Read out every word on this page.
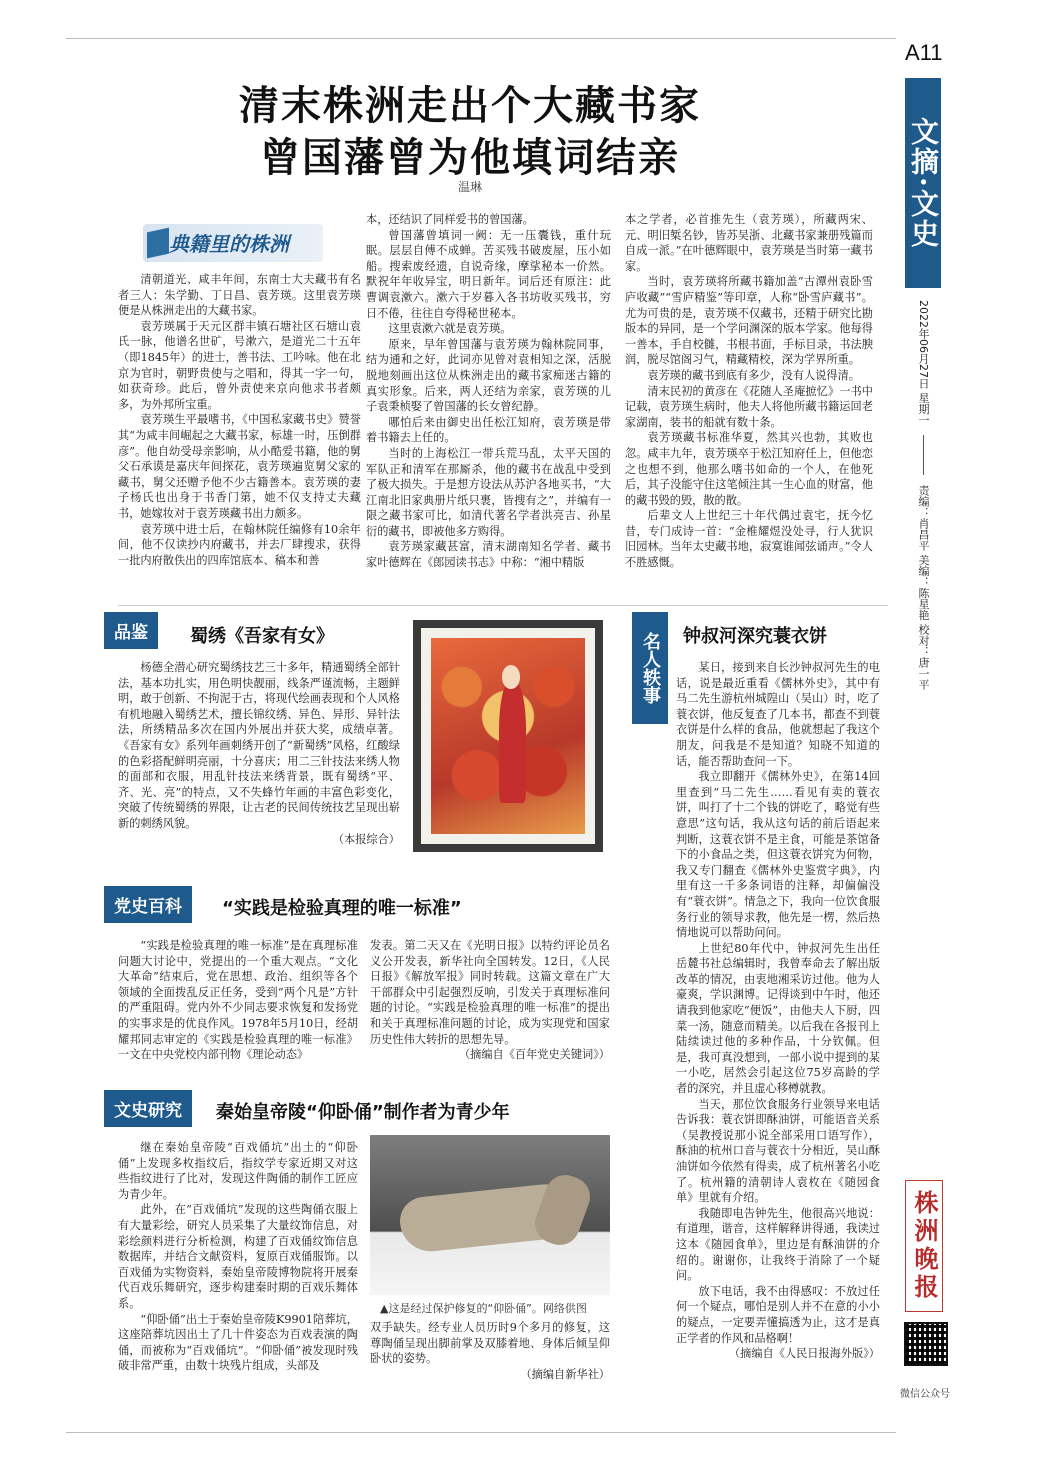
A11
文摘·文史
2022年06月27日 星期一  责编：肖昌平 美编：陈星艳 校对：唐一平
株洲晚报
微信公众号
清末株洲走出个大藏书家
曾国藩曾为他填词结亲
温琳
典籍里的株洲

清朝道光、咸丰年间，东南士大夫藏书有名者三人：朱学勤、丁日昌、袁芳瑛。这里袁芳瑛便是从株洲走出的大藏书家。

袁芳瑛属于天元区群丰镇石塘社区石塘山袁氏一脉，他谱名世矿，号漱六，是道光二十五年（即1845年）的进士，善书法、工吟咏。他在北京为官时，朝野贵使与之唱和，得其一字一句，如获奇珍。此后，曾外责使来京向他求书者颇多，为外邦所宝重。

袁芳瑛生平最嗜书，《中国私家藏书史》赞誉其“为咸丰间崛起之大藏书家，标雄一时，压倒群彦”。他自幼受母亲影响，从小酷爱书籍，他的舅父石承谟是嘉庆年间探花，袁芳瑛遍览舅父家的藏书，舅父还赠予他不少古籍善本。袁芳瑛的妻子杨氏也出身于书香门第，她不仅支持丈夫藏书，她嫁妆对于袁芳瑛藏书出力颇多。

袁芳瑛中进士后，在翰林院任编修有10余年间，他不仅读抄内府藏书，并去厂肆搜求，获得一批内府散佚出的四库馆底本、稿本和善

本，还结识了同样爱书的曾国藩。

曾国藩曾填词一阙：无一压囊钱，重什玩眠。层层自傅不成蝉。苦买残书破废屋，压小如船。搜索废经遗，自说奇缘，摩挲秘本一价然。默祝年年收异宝，明日新年。词后还有原注：此曹调袁漱六。漱六于岁暮入各书坊收买残书，穷日不倦，往往自夸得秘世秘本。

这里袁漱六就是袁芳瑛。

原来，早年曾国藩与袁芳瑛为翰林院同事，结为通和之好，此词亦见曾对袁相知之深，活脱脱地刻画出这位从株洲走出的藏书家痴迷古籍的真实形象。后来，两人还结为亲家，袁芳瑛的儿子袁秉桢娶了曾国藩的长女曾纪静。

哪怕后来由御史出任松江知府，袁芳瑛是带着书籍去上任的。

当时的上海松江一带兵荒马乱，太平天国的军队正和清军在那厮杀，他的藏书在战乱中受到了极大损失。于是想方设法从苏沪各地买书，“大江南北旧家典册片纸只裹，皆搜有之”，并编有一限之藏书家可比，如清代著名学者洪亮吉、孙星衍的藏书，即被他多方购得。

袁芳瑛家藏甚富，清末湖南知名学者、藏书家叶德辉在《郎园读书志》中称：“湘中精版

本之学者，必首推先生（袁芳瑛），所藏两宋、元、明旧椠名钞，皆苏吴浙、北藏书家兼册残篇而自成一派。”在叶德辉眼中，袁芳瑛是当时第一藏书家。

当时，袁芳瑛将所藏书籍加盖“古潭州袁卧雪庐收藏”“雪庐精鉴”等印章，人称“卧雪庐藏书”。尤为可贵的是，袁芳瑛不仅藏书，还精于研究比勘版本的异同，是一个学问渊深的版本学家。他每得一善本，手自校雠，书根书面，手标目录，书法腴润，脱尽馆阁习气，精藏精校，深为学界所重。

袁芳瑛的藏书到底有多少，没有人说得清。

清末民初的黄彦在《花随人圣庵摭忆》一书中记载，袁芳瑛生病时，他夫人将他所藏书籍运回老家湖南，装书的船就有数十条。

袁芳瑛藏书标准华夏，然其兴也勃，其败也忽。咸丰九年，袁芳瑛卒于松江知府任上，但他恋之也想不到，他那么嗜书如命的一个人，在他死后，其子没能守住这笔倾注其一生心血的财富，他的藏书毁的毁，散的散。

后辈文人上世纪三十年代偶过袁宅，抚今忆昔，专门成诗一首：“金椎耀煜没处寻，行人犹识旧园林。当年太史藏书地，寂寞谁闻弦诵声。”令人不胜感慨。

品鉴	蜀绣《吾家有女》

杨德全潜心研究蜀绣技艺三十多年，精通蜀绣全部针法，基本功扎实，用色明快靓丽，线条严谨流畅，主题鲜明，敢于创新、不拘泥于古，将现代绘画表现和个人风格有机地融入蜀绣艺术，擅长锦纹绣、异色、异形、异针法法，所绣精品多次在国内外展出并获大奖，成绩卓著。《吾家有女》系列年画刺绣开创了“新蜀绣”风格，红酸绿的色彩搭配鲜明亮丽，十分喜庆；用二三针技法来绣人物的面部和衣服，用乱针技法来绣背景，既有蜀绣“平、齐、光、亮”的特点，又不失蜂竹年画的丰富色彩变化，突破了传统蜀绣的界限，让古老的民间传统技艺呈现出崭新的刺绣风貌。

（本报综合）

名人轶事	钟叔河深究蓑衣饼

某日，接到来自长沙钟叔河先生的电话，说是最近重看《儒林外史》，其中有马二先生游杭州城隍山（吴山）时，吃了蓑衣饼，他反复查了几本书，都查不到蓑衣饼是什么样的食品，他就想起了我这个朋友，问我是不是知道？知晓不知道的话，能否帮助查问一下。

我立即翻开《儒林外史》，在第14回里查到“马二先生……看见有卖的蓑衣饼，叫打了十二个钱的饼吃了，略觉有些意思”这句话，我从这句话的前后语起来判断，这蓑衣饼不是主食，可能是茶馆备下的小食品之类，但这蓑衣饼究为何物，我又专门翻查《儒林外史鉴赏字典》，内里有这一千多条词语的注释，却偏偏没有“蓑衣饼”。情急之下，我向一位饮食服务行业的领导求教，他先是一楞，然后热情地说可以帮助问问。

上世纪80年代中，钟叔河先生出任岳麓书社总编辑时，我曾奉命去了解出版改革的情况，由衷地湘采访过他。他为人豪爽，学识渊博。记得谈到中午时，他还请我到他家吃“便饭”，由他夫人下厨，四菜一汤，随意而精美。以后我在各报刊上陆续读过他的多种作品，十分钦佩。但是，我可真没想到，一部小说中提到的某一小吃，居然会引起这位75岁高龄的学者的深究，并且虚心移樽就教。

当天，那位饮食服务行业领导来电话告诉我：蓑衣饼即酥油饼，可能语音关系（吴教授说那小说全部采用口语写作），酥油的杭州口音与蓑衣十分相近，吴山酥油饼如今依然有得卖，成了杭州著名小吃了。杭州籍的清朝诗人袁枚在《随园食单》里就有介绍。

我随即电告钟先生，他很高兴地说：有道理，谐音，这样解释讲得通，我读过这本《随园食单》，里边是有酥油饼的介绍的。谢谢你，让我终于消除了一个疑问。

放下电话，我不由得感叹：不放过任何一个疑点，哪怕是别人并不在意的小小的疑点，一定要弄懂搞透为止，这才是真正学者的作风和品格啊！

（摘编自《人民日报海外版》）

党史百科	“实践是检验真理的唯一标准”

“实践是检验真理的唯一标准”是在真理标准问题大讨论中，党提出的一个重大观点。“文化大革命”结束后，党在思想、政治、组织等各个领域的全面拨乱反正任务，受到“两个凡是”方针的严重阻碍。党内外不少同志要求恢复和发扬党的实事求是的优良作风。1978年5月10日，经胡耀邦同志审定的《实践是检验真理的唯一标准》一文在中央党校内部刊物《理论动态》

发表。第二天又在《光明日报》以特约评论员名义公开发表，新华社向全国转发。12日，《人民日报》《解放军报》同时转载。这篇文章在广大干部群众中引起强烈反响，引发关于真理标准问题的讨论。“实践是检验真理的唯一标准”的提出和关于真理标准问题的讨论，成为实现党和国家历史性伟大转折的思想先导。

（摘编自《百年党史关键词》）

文史研究	秦始皇帝陵“仰卧俑”制作者为青少年

继在秦始皇帝陵“百戏俑坑”出土的“仰卧俑”上发现多枚指纹后，指纹学专家近期又对这些指纹进行了比对，发现这件陶俑的制作工匠应为青少年。

此外，在“百戏俑坑”发现的这些陶俑衣服上有大量彩绘，研究人员采集了大量纹饰信息，对彩绘颜料进行分析检测，构建了百戏俑纹饰信息数据库，并结合文献资料，复原百戏俑服饰。以百戏俑为实物资料，秦始皇帝陵博物院将开展秦代百戏乐舞研究，逐步构建秦时期的百戏乐舞体系。

“仰卧俑”出土于秦始皇帝陵K9901陪葬坑，这座陪葬坑因出土了几十件姿态为百戏表演的陶俑，而被称为“百戏俑坑”。“仰卧俑”被发现时残破非常严重，由数十块残片组成，头部及

▲这是经过保护修复的“仰卧俑”。网络供图

双手缺失。经专业人员历时9个多月的修复，这尊陶俑呈现出脚前掌及双膝着地、身体后倾呈仰卧状的姿势。

（摘编自新华社）
